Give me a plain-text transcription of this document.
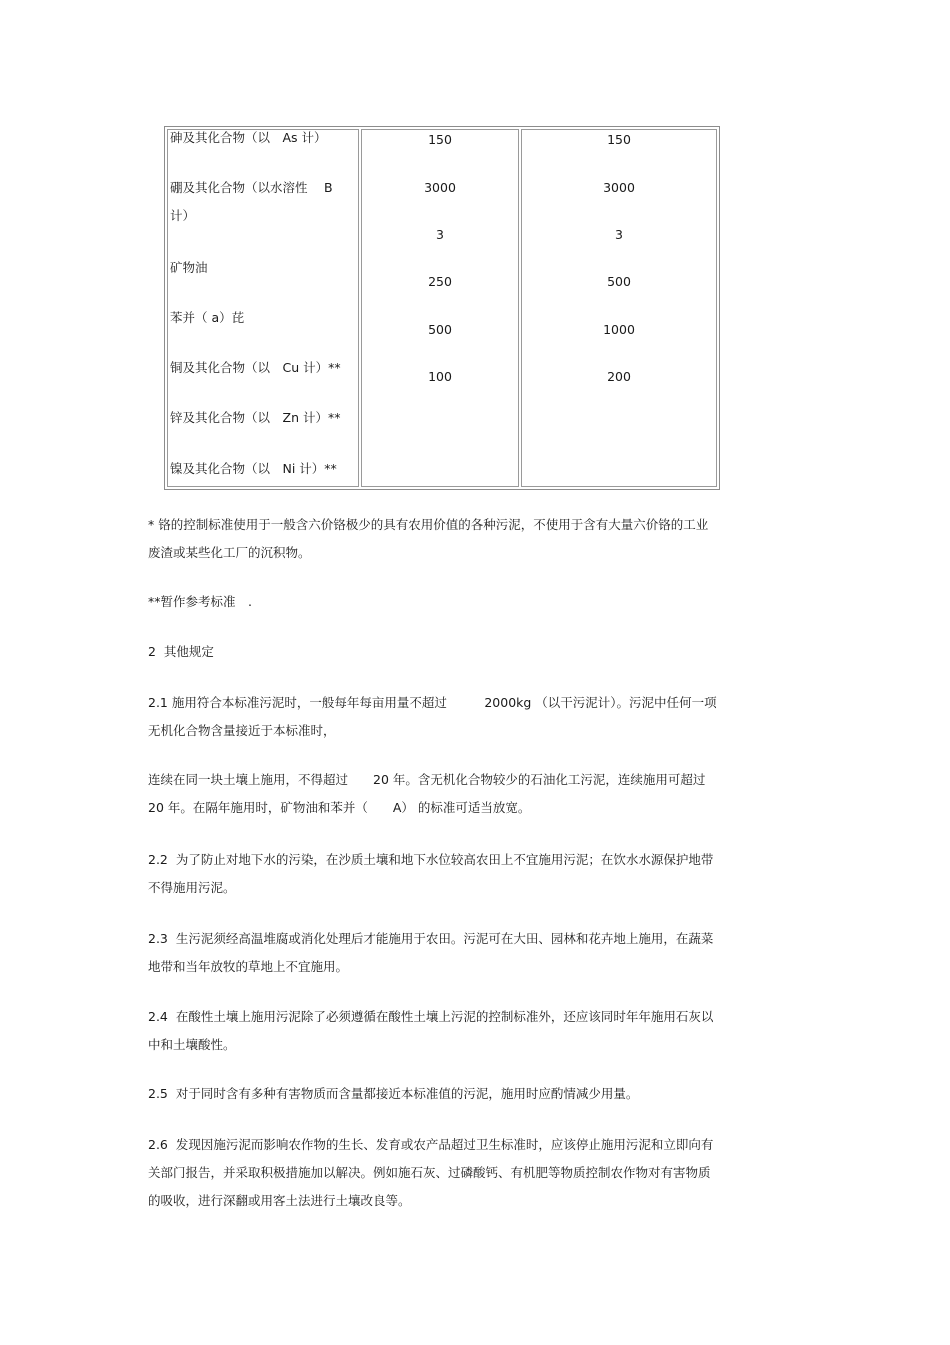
砷及其化合物（以　As 计）
硼及其化合物（以水溶性　 B 计）
矿物油
苯并（ a）芘
铜及其化合物（以　Cu 计）**
锌及其化合物（以　Zn 计）**
镍及其化合物（以　Ni 计）**
150
3000
3
250
500
100
150
3000
3
500
1000
200

* 铬的控制标准使用于一般含六价铬极少的具有农用价值的各种污泥，不使用于含有大量六价铬的工业废渣或某些化工厂的沉积物。

**暂作参考标准　.

2  其他规定

2.1 施用符合本标准污泥时，一般每年每亩用量不超过　　　2000kg （以干污泥计）。污泥中任何一项无机化合物含量接近于本标准时，

连续在同一块土壤上施用，不得超过　　20 年。含无机化合物较少的石油化工污泥，连续施用可超过 20 年。在隔年施用时，矿物油和苯并（　　A） 的标准可适当放宽。

2.2  为了防止对地下水的污染，在沙质土壤和地下水位较高农田上不宜施用污泥；在饮水水源保护地带不得施用污泥。

2.3  生污泥须经高温堆腐或消化处理后才能施用于农田。污泥可在大田、园林和花卉地上施用，在蔬菜地带和当年放牧的草地上不宜施用。

2.4  在酸性土壤上施用污泥除了必须遵循在酸性土壤上污泥的控制标准外，还应该同时年年施用石灰以中和土壤酸性。

2.5  对于同时含有多种有害物质而含量都接近本标准值的污泥，施用时应酌情减少用量。

2.6  发现因施污泥而影响农作物的生长、发育或农产品超过卫生标准时，应该停止施用污泥和立即向有关部门报告，并采取积极措施加以解决。例如施石灰、过磷酸钙、有机肥等物质控制农作物对有害物质的吸收，进行深翻或用客土法进行土壤改良等。
